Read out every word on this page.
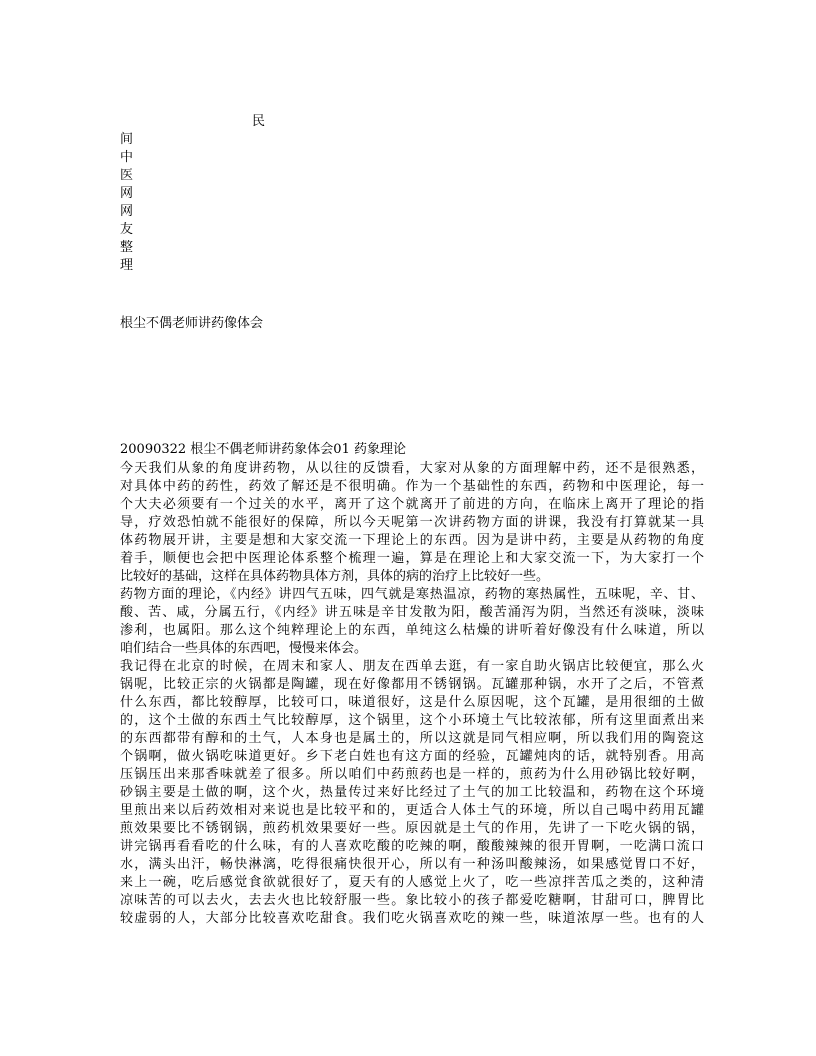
民
间
中
医
网
网
友
整
理
根尘不偶老师讲药像体会
20090322 根尘不偶老师讲药象体会01 药象理论
今天我们从象的角度讲药物，从以往的反馈看，大家对从象的方面理解中药，还不是很熟悉，
对具体中药的药性，药效了解还是不很明确。作为一个基础性的东西，药物和中医理论，每一
个大夫必须要有一个过关的水平，离开了这个就离开了前进的方向，在临床上离开了理论的指
导，疗效恐怕就不能很好的保障，所以今天呢第一次讲药物方面的讲课，我没有打算就某一具
体药物展开讲，主要是想和大家交流一下理论上的东西。因为是讲中药，主要是从药物的角度
着手，顺便也会把中医理论体系整个梳理一遍，算是在理论上和大家交流一下，为大家打一个
比较好的基础，这样在具体药物具体方剂，具体的病的治疗上比较好一些。
药物方面的理论，《内经》讲四气五味，四气就是寒热温凉，药物的寒热属性，五味呢，辛、甘、
酸、苦、咸，分属五行，《内经》讲五味是辛甘发散为阳，酸苦涌泻为阴，当然还有淡味，淡味
渗利，也属阳。那么这个纯粹理论上的东西，单纯这么枯燥的讲听着好像没有什么味道，所以
咱们结合一些具体的东西吧，慢慢来体会。
我记得在北京的时候，在周末和家人、朋友在西单去逛，有一家自助火锅店比较便宜，那么火
锅呢，比较正宗的火锅都是陶罐，现在好像都用不锈钢锅。瓦罐那种锅，水开了之后，不管煮
什么东西，都比较醇厚，比较可口，味道很好，这是什么原因呢，这个瓦罐，是用很细的土做
的，这个土做的东西土气比较醇厚，这个锅里，这个小环境土气比较浓郁，所有这里面煮出来
的东西都带有醇和的土气，人本身也是属土的，所以这就是同气相应啊，所以我们用的陶瓷这
个锅啊，做火锅吃味道更好。乡下老白姓也有这方面的经验，瓦罐炖肉的话，就特别香。用高
压锅压出来那香味就差了很多。所以咱们中药煎药也是一样的，煎药为什么用砂锅比较好啊，
砂锅主要是土做的啊，这个火，热量传过来好比经过了土气的加工比较温和，药物在这个环境
里煎出来以后药效相对来说也是比较平和的，更适合人体土气的环境，所以自己喝中药用瓦罐
煎效果要比不锈钢锅，煎药机效果要好一些。原因就是土气的作用，先讲了一下吃火锅的锅，
讲完锅再看看吃的什么味，有的人喜欢吃酸的吃辣的啊，酸酸辣辣的很开胃啊，一吃满口流口
水，满头出汗，畅快淋漓，吃得很痛快很开心，所以有一种汤叫酸辣汤，如果感觉胃口不好，
来上一碗，吃后感觉食欲就很好了，夏天有的人感觉上火了，吃一些凉拌苦瓜之类的，这种清
凉味苦的可以去火，去去火也比较舒服一些。象比较小的孩子都爱吃糖啊，甘甜可口，脾胃比
较虚弱的人，大部分比较喜欢吃甜食。我们吃火锅喜欢吃的辣一些，味道浓厚一些。也有的人
